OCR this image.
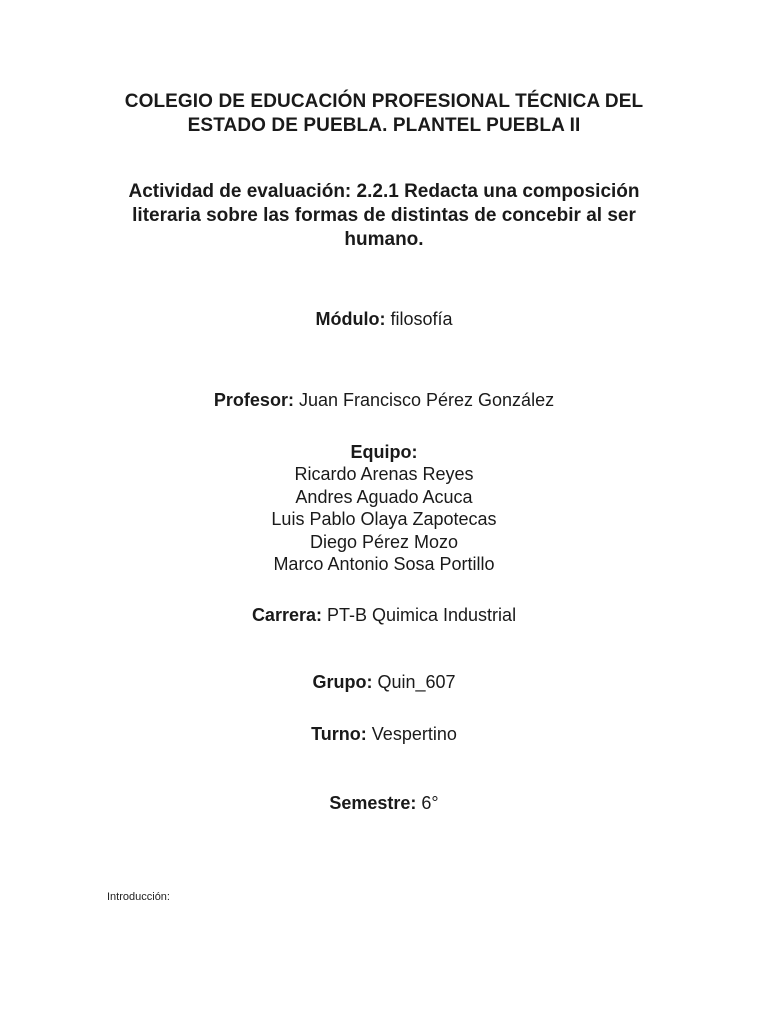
COLEGIO DE EDUCACIÓN PROFESIONAL TÉCNICA DEL
ESTADO DE PUEBLA. PLANTEL PUEBLA II
Actividad de evaluación: 2.2.1 Redacta una composición literaria sobre las formas de distintas de concebir al ser humano.
Módulo: filosofía
Profesor: Juan Francisco Pérez González
Equipo:
Ricardo Arenas Reyes
Andres Aguado Acuca
Luis Pablo Olaya Zapotecas
Diego Pérez Mozo
Marco Antonio Sosa Portillo
Carrera: PT-B Quimica Industrial
Grupo: Quin_607
Turno: Vespertino
Semestre: 6°
Introducción:
